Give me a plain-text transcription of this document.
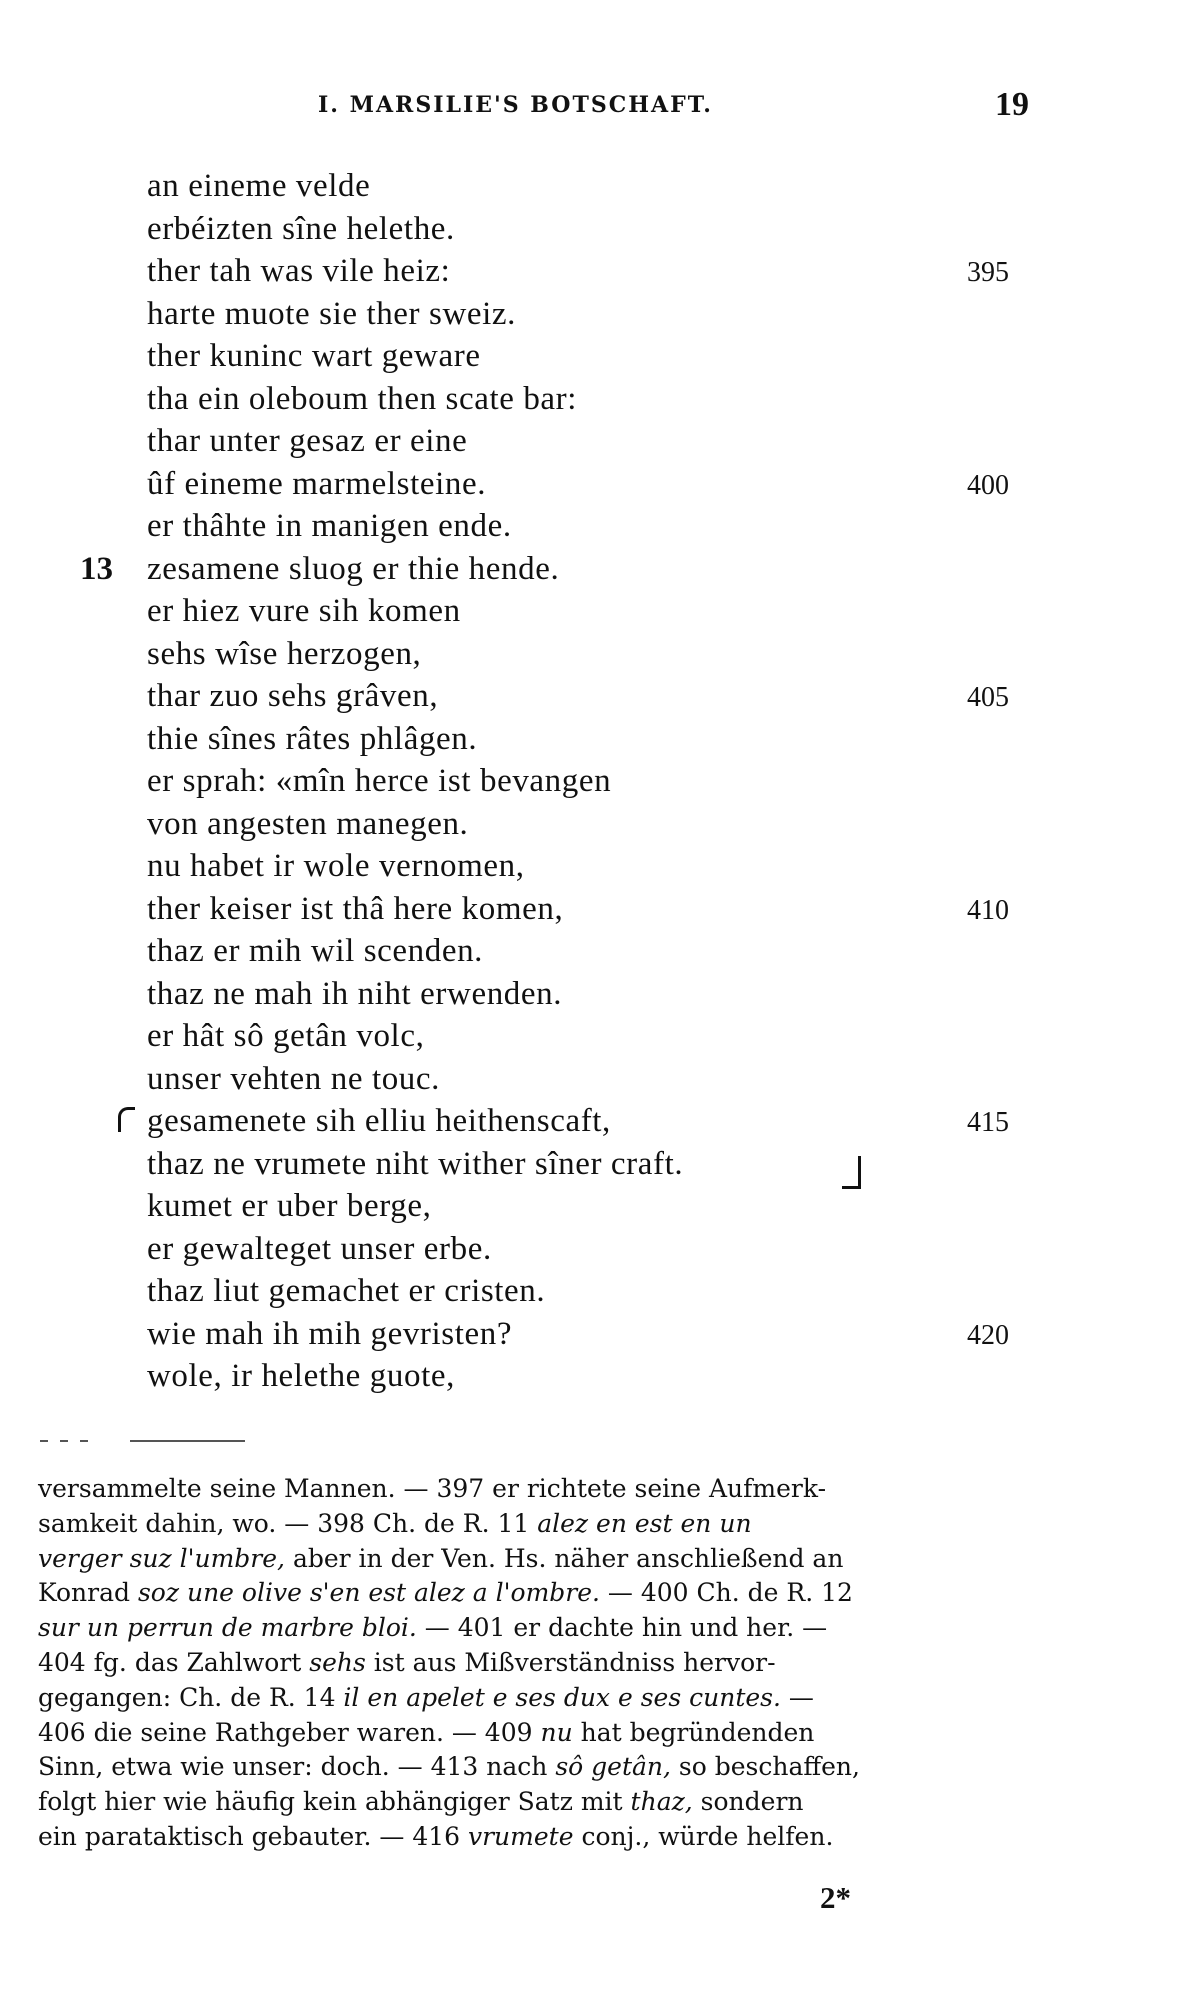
I. MARSILIE'S BOTSCHAFT.	19
an eineme velde
erbéizten sîne helethe.
ther tah was vile heiz:	395
harte muote sie ther sweiz.
ther kuninc wart geware
tha ein oleboum then scate bar:
thar unter gesaz er eine
ûf eineme marmelsteine.	400
er thâhte in manigen ende.
13 zesamene sluog er thie hende.
er hiez vure sih komen
sehs wîse herzogen,
thar zuo sehs grâven,	405
thie sînes râtes phlâgen.
er sprah: «mîn herce ist bevangen
von angesten manegen.
nu habet ir wole vernomen,
ther keiser ist thâ here komen,	410
thaz er mih wil scenden.
thaz ne mah ih niht erwenden.
er hât sô getân volc,
unser vehten ne touc.
gesamenete sih elliu heithenscaft,	415
thaz ne vrumete niht wither sîner craft.
kumet er uber berge,
er gewalteget unser erbe.
thaz liut gemachet er cristen.
wie mah ih mih gevristen?	420
wole, ir helethe guote,

versammelte seine Mannen. — 397 er richtete seine Aufmerk-

samkeit dahin, wo. — 398 Ch. de R. 11 alez en est en un

verger suz l'umbre, aber in der Ven. Hs. näher anschließend an

Konrad soz une olive s'en est alez a l'ombre. — 400 Ch. de R. 12

sur un perrun de marbre bloi. — 401 er dachte hin und her. —

404 fg. das Zahlwort sehs ist aus Mißverständniss hervor-

gegangen: Ch. de R. 14 il en apelet e ses dux e ses cuntes. —

406 die seine Rathgeber waren. — 409 nu hat begründenden

Sinn, etwa wie unser: doch. — 413 nach sô getân, so beschaffen,

folgt hier wie häufig kein abhängiger Satz mit thaz, sondern

ein parataktisch gebauter. — 416 vrumete conj., würde helfen.

2*
